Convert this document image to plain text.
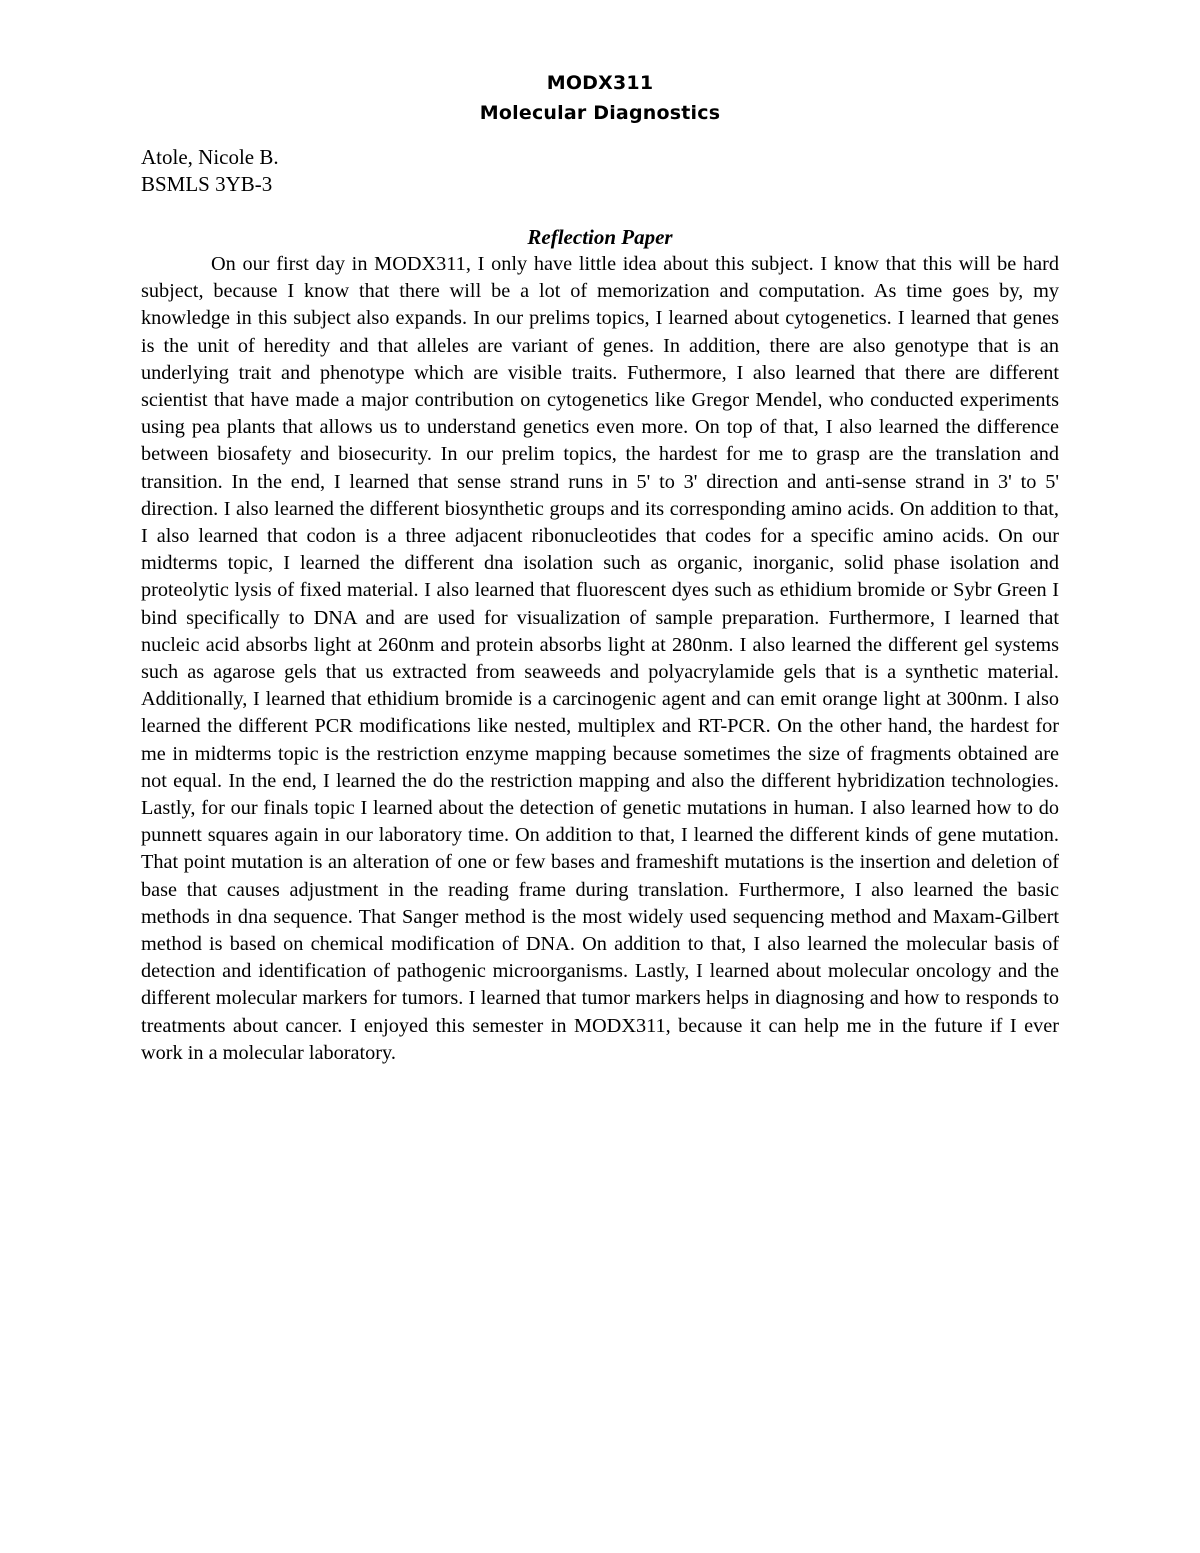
MODX311
Molecular Diagnostics
Atole, Nicole B.
BSMLS 3YB-3
Reflection Paper

On our first day in MODX311, I only have little idea about this subject. I know that this will be hard subject, because I know that there will be a lot of memorization and computation. As time goes by, my knowledge in this subject also expands. In our prelims topics, I learned about cytogenetics. I learned that genes is the unit of heredity and that alleles are variant of genes. In addition, there are also genotype that is an underlying trait and phenotype which are visible traits. Futhermore, I also learned that there are different scientist that have made a major contribution on cytogenetics like Gregor Mendel, who conducted experiments using pea plants that allows us to understand genetics even more. On top of that, I also learned the difference between biosafety and biosecurity. In our prelim topics, the hardest for me to grasp are the translation and transition. In the end, I learned that sense strand runs in 5' to 3' direction and anti-sense strand in 3' to 5' direction. I also learned the different biosynthetic groups and its corresponding amino acids. On addition to that, I also learned that codon is a three adjacent ribonucleotides that codes for a specific amino acids. On our midterms topic, I learned the different dna isolation such as organic, inorganic, solid phase isolation and proteolytic lysis of fixed material. I also learned that fluorescent dyes such as ethidium bromide or Sybr Green I bind specifically to DNA and are used for visualization of sample preparation. Furthermore, I learned that nucleic acid absorbs light at 260nm and protein absorbs light at 280nm. I also learned the different gel systems such as agarose gels that us extracted from seaweeds and polyacrylamide gels that is a synthetic material. Additionally, I learned that ethidium bromide is a carcinogenic agent and can emit orange light at 300nm. I also learned the different PCR modifications like nested, multiplex and RT-PCR. On the other hand, the hardest for me in midterms topic is the restriction enzyme mapping because sometimes the size of fragments obtained are not equal. In the end, I learned the do the restriction mapping and also the different hybridization technologies. Lastly, for our finals topic I learned about the detection of genetic mutations in human. I also learned how to do punnett squares again in our laboratory time. On addition to that, I learned the different kinds of gene mutation. That point mutation is an alteration of one or few bases and frameshift mutations is the insertion and deletion of base that causes adjustment in the reading frame during translation. Furthermore, I also learned the basic methods in dna sequence. That Sanger method is the most widely used sequencing method and Maxam-Gilbert method is based on chemical modification of DNA. On addition to that, I also learned the molecular basis of detection and identification of pathogenic microorganisms. Lastly, I learned about molecular oncology and the different molecular markers for tumors. I learned that tumor markers helps in diagnosing and how to responds to treatments about cancer. I enjoyed this semester in MODX311, because it can help me in the future if I ever work in a molecular laboratory.
